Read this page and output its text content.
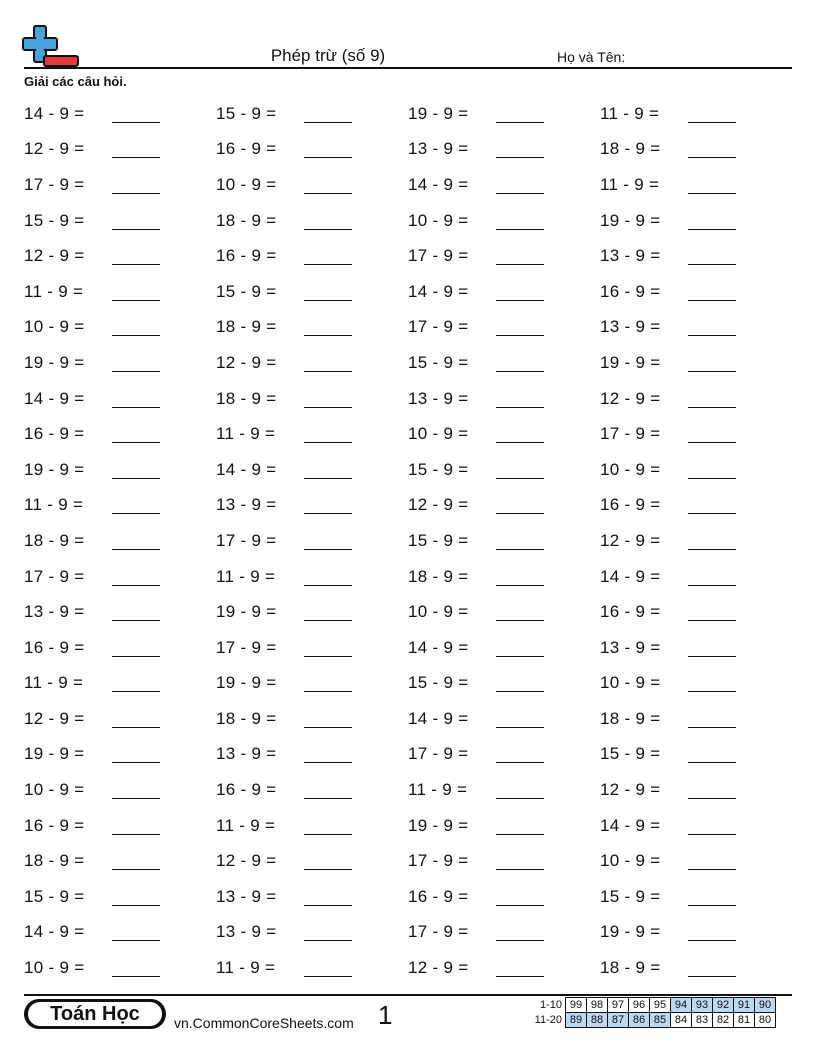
Phép trừ (số 9)	Họ và Tên:
Giải các câu hỏi.
14 - 9 =	15 - 9 =	19 - 9 =	11 - 9 =
12 - 9 =	16 - 9 =	13 - 9 =	18 - 9 =
17 - 9 =	10 - 9 =	14 - 9 =	11 - 9 =
15 - 9 =	18 - 9 =	10 - 9 =	19 - 9 =
12 - 9 =	16 - 9 =	17 - 9 =	13 - 9 =
11 - 9 =	15 - 9 =	14 - 9 =	16 - 9 =
10 - 9 =	18 - 9 =	17 - 9 =	13 - 9 =
19 - 9 =	12 - 9 =	15 - 9 =	19 - 9 =
14 - 9 =	18 - 9 =	13 - 9 =	12 - 9 =
16 - 9 =	11 - 9 =	10 - 9 =	17 - 9 =
19 - 9 =	14 - 9 =	15 - 9 =	10 - 9 =
11 - 9 =	13 - 9 =	12 - 9 =	16 - 9 =
18 - 9 =	17 - 9 =	15 - 9 =	12 - 9 =
17 - 9 =	11 - 9 =	18 - 9 =	14 - 9 =
13 - 9 =	19 - 9 =	10 - 9 =	16 - 9 =
16 - 9 =	17 - 9 =	14 - 9 =	13 - 9 =
11 - 9 =	19 - 9 =	15 - 9 =	10 - 9 =
12 - 9 =	18 - 9 =	14 - 9 =	18 - 9 =
19 - 9 =	13 - 9 =	17 - 9 =	15 - 9 =
10 - 9 =	16 - 9 =	11 - 9 =	12 - 9 =
16 - 9 =	11 - 9 =	19 - 9 =	14 - 9 =
18 - 9 =	12 - 9 =	17 - 9 =	10 - 9 =
15 - 9 =	13 - 9 =	16 - 9 =	15 - 9 =
14 - 9 =	13 - 9 =	17 - 9 =	19 - 9 =
10 - 9 =	11 - 9 =	12 - 9 =	18 - 9 =
Toán Học	vn.CommonCoreSheets.com 1	1-10	99	98	97	96	95	94	93	92	91	90
11-20	89	88	87	86	85	84	83	82	81	80
